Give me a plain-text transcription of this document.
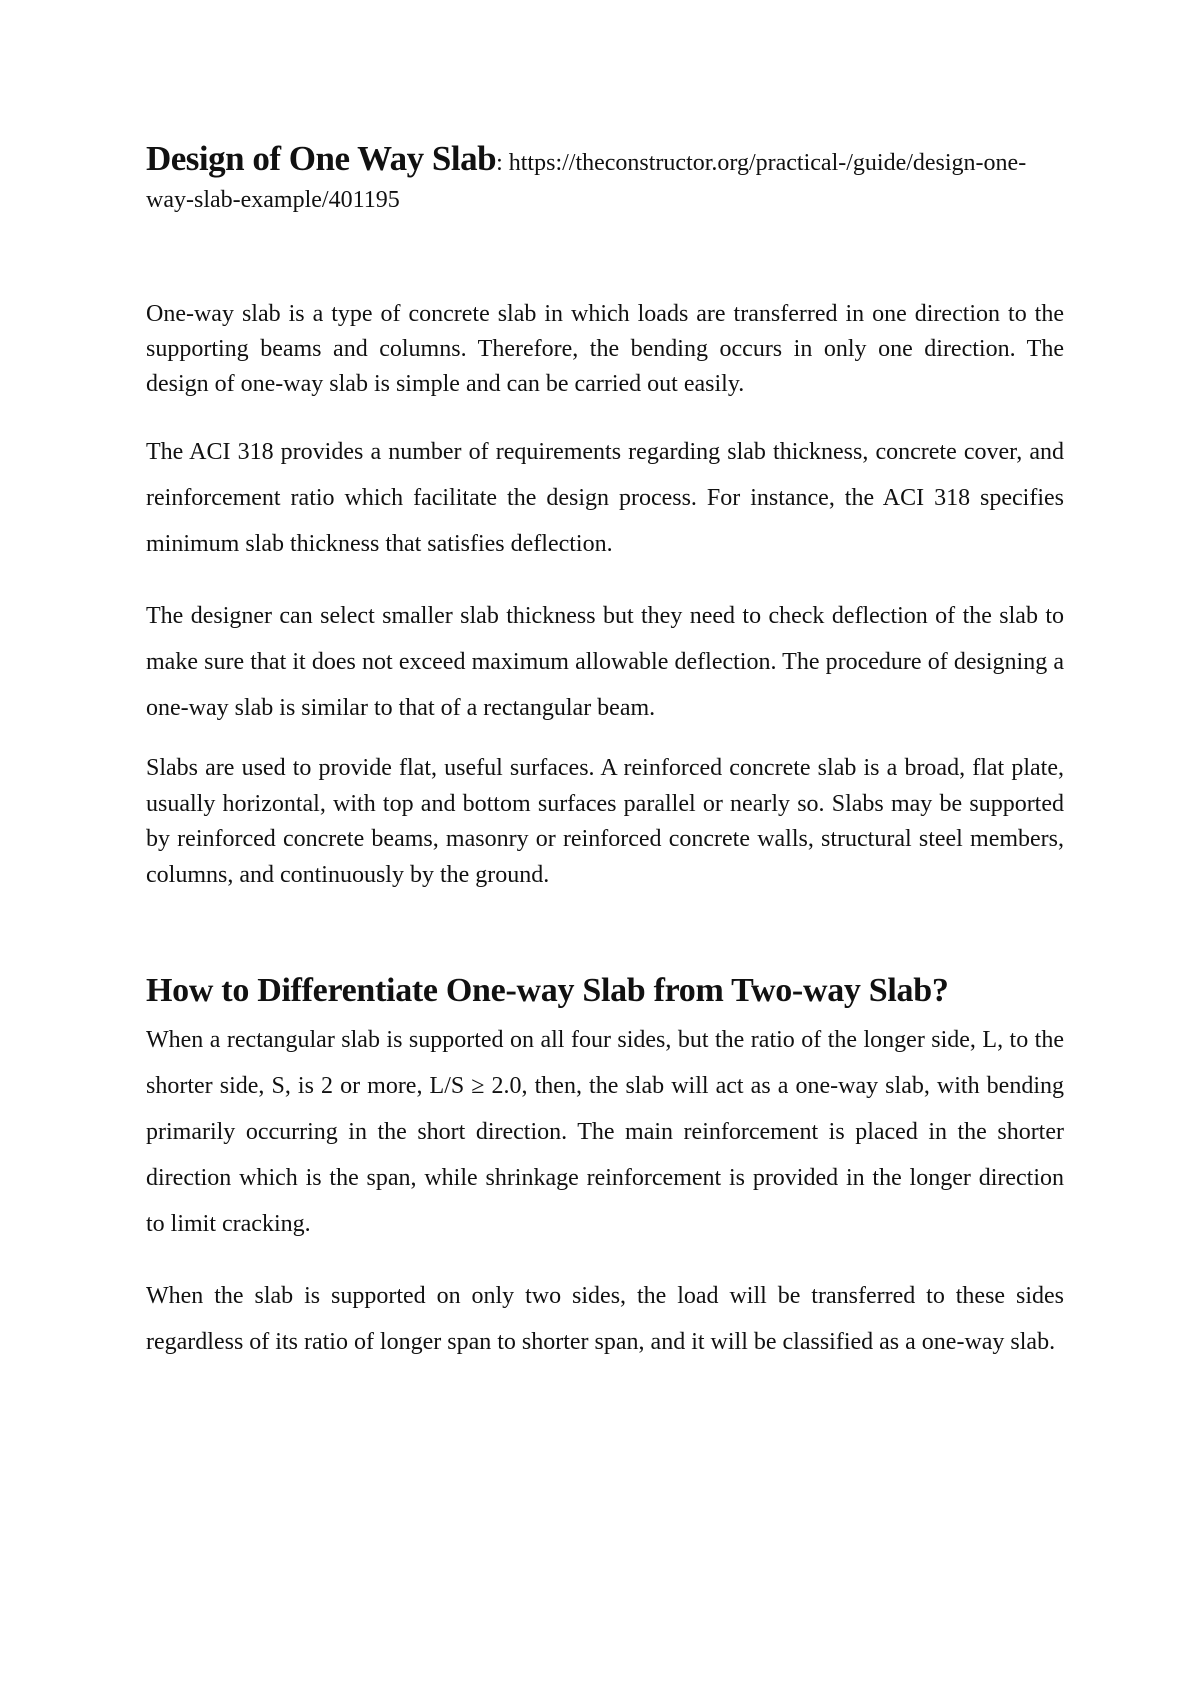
Design of One Way Slab: https://theconstructor.org/practical-/guide/design-one-way-slab-example/401195

One-way slab is a type of concrete slab in which loads are transferred in one direction to the supporting beams and columns. Therefore, the bending occurs in only one direction. The design of one-way slab is simple and can be carried out easily.

The ACI 318 provides a number of requirements regarding slab thickness, concrete cover, and reinforcement ratio which facilitate the design process. For instance, the ACI 318 specifies minimum slab thickness that satisfies deflection.

The designer can select smaller slab thickness but they need to check deflection of the slab to make sure that it does not exceed maximum allowable deflection. The procedure of designing a one-way slab is similar to that of a rectangular beam.

Slabs are used to provide flat, useful surfaces. A reinforced concrete slab is a broad, flat plate, usually horizontal, with top and bottom surfaces parallel or nearly so. Slabs may be supported by reinforced concrete beams, masonry or reinforced concrete walls, structural steel members, columns, and continuously by the ground.

How to Differentiate One-way Slab from Two-way Slab?

When a rectangular slab is supported on all four sides, but the ratio of the longer side, L, to the shorter side, S, is 2 or more, L/S ≥ 2.0, then, the slab will act as a one-way slab, with bending primarily occurring in the short direction. The main reinforcement is placed in the shorter direction which is the span, while shrinkage reinforcement is provided in the longer direction to limit cracking.

When the slab is supported on only two sides, the load will be transferred to these sides regardless of its ratio of longer span to shorter span, and it will be classified as a one-way slab.
